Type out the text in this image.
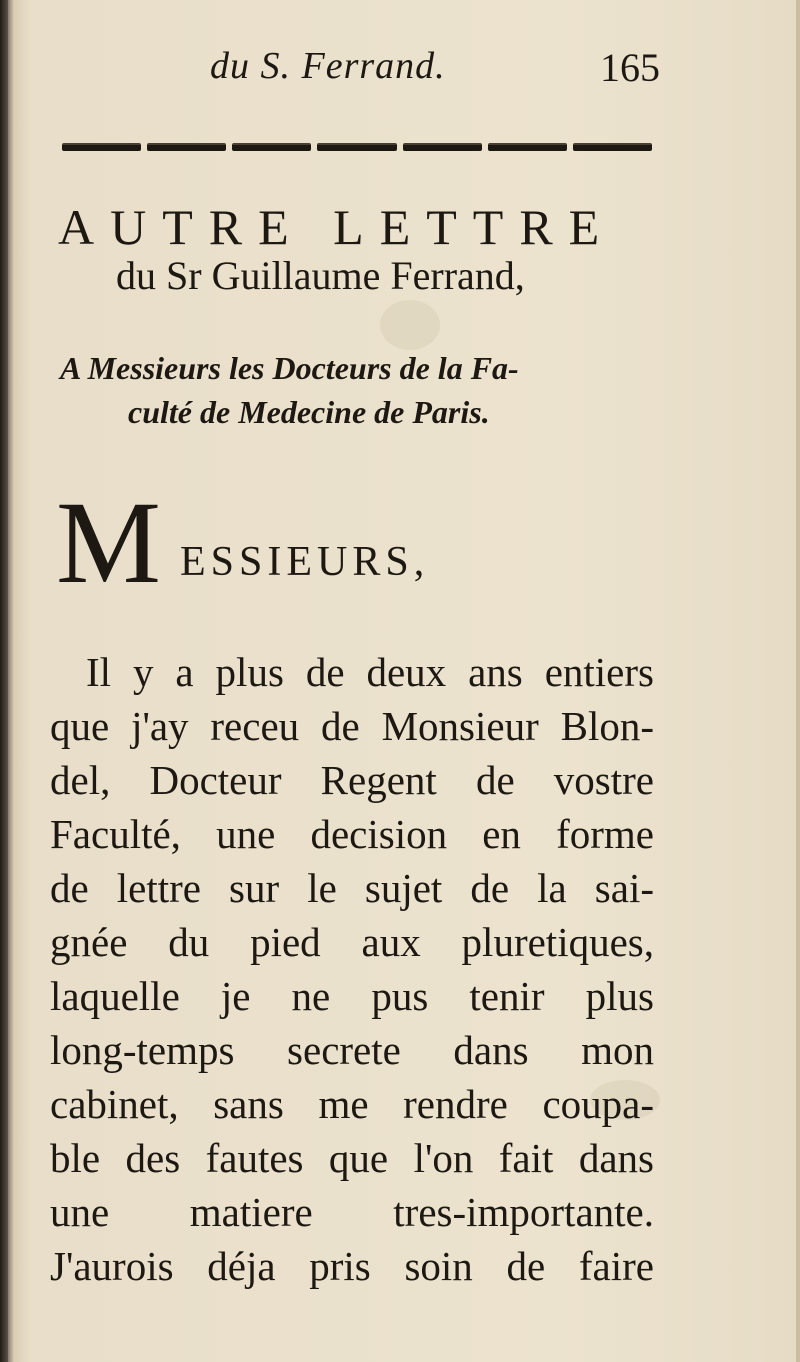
du S. Ferrand.	165
AUTRE LETTRE
du Sr Guillaume Ferrand,
A Messieurs les Docteurs de la Fa-
culté de Medecine de Paris.
M ESSIEURS,
Il y a plus de deux ans entiers
que j'ay receu de Monsieur Blon-
del, Docteur Regent de vostre
Faculté, une decision en forme
de lettre sur le sujet de la sai-
gnée du pied aux pluretiques,
laquelle je ne pus tenir plus
long-temps secrete dans mon
cabinet, sans me rendre coupa-
ble des fautes que l'on fait dans
une matiere tres-importante.
J'aurois déja pris soin de faire
